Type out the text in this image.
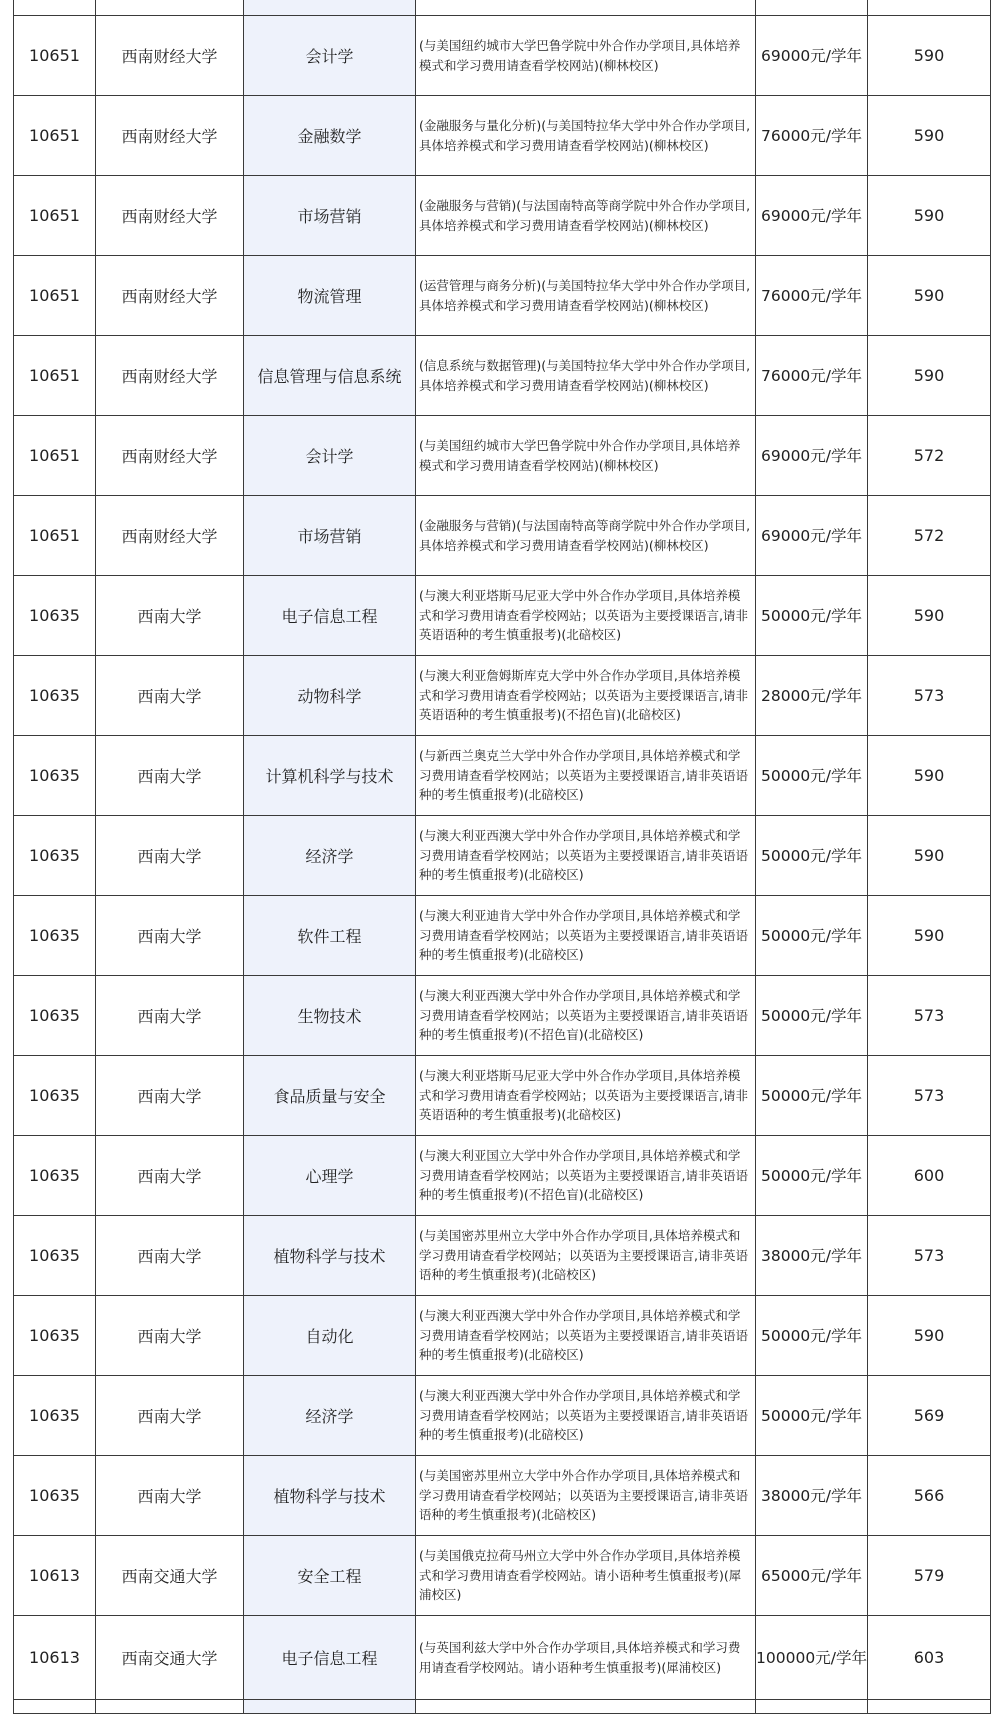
10651	西南财经大学	会计学	(与美国纽约城市大学巴鲁学院中外合作办学项目,具体培养模式和学习费用请查看学校网站)(柳林校区)	69000元/学年	590
10651	西南财经大学	金融数学	(金融服务与量化分析)(与美国特拉华大学中外合作办学项目,具体培养模式和学习费用请查看学校网站)(柳林校区)	76000元/学年	590
10651	西南财经大学	市场营销	(金融服务与营销)(与法国南特高等商学院中外合作办学项目,具体培养模式和学习费用请查看学校网站)(柳林校区)	69000元/学年	590
10651	西南财经大学	物流管理	(运营管理与商务分析)(与美国特拉华大学中外合作办学项目,具体培养模式和学习费用请查看学校网站)(柳林校区)	76000元/学年	590
10651	西南财经大学	信息管理与信息系统	(信息系统与数据管理)(与美国特拉华大学中外合作办学项目,具体培养模式和学习费用请查看学校网站)(柳林校区)	76000元/学年	590
10651	西南财经大学	会计学	(与美国纽约城市大学巴鲁学院中外合作办学项目,具体培养模式和学习费用请查看学校网站)(柳林校区)	69000元/学年	572
10651	西南财经大学	市场营销	(金融服务与营销)(与法国南特高等商学院中外合作办学项目,具体培养模式和学习费用请查看学校网站)(柳林校区)	69000元/学年	572
10635	西南大学	电子信息工程	(与澳大利亚塔斯马尼亚大学中外合作办学项目,具体培养模式和学习费用请查看学校网站；以英语为主要授课语言,请非英语语种的考生慎重报考)(北碚校区)	50000元/学年	590
10635	西南大学	动物科学	(与澳大利亚詹姆斯库克大学中外合作办学项目,具体培养模式和学习费用请查看学校网站；以英语为主要授课语言,请非英语语种的考生慎重报考)(不招色盲)(北碚校区)	28000元/学年	573
10635	西南大学	计算机科学与技术	(与新西兰奥克兰大学中外合作办学项目,具体培养模式和学习费用请查看学校网站；以英语为主要授课语言,请非英语语种的考生慎重报考)(北碚校区)	50000元/学年	590
10635	西南大学	经济学	(与澳大利亚西澳大学中外合作办学项目,具体培养模式和学习费用请查看学校网站；以英语为主要授课语言,请非英语语种的考生慎重报考)(北碚校区)	50000元/学年	590
10635	西南大学	软件工程	(与澳大利亚迪肯大学中外合作办学项目,具体培养模式和学习费用请查看学校网站；以英语为主要授课语言,请非英语语种的考生慎重报考)(北碚校区)	50000元/学年	590
10635	西南大学	生物技术	(与澳大利亚西澳大学中外合作办学项目,具体培养模式和学习费用请查看学校网站；以英语为主要授课语言,请非英语语种的考生慎重报考)(不招色盲)(北碚校区)	50000元/学年	573
10635	西南大学	食品质量与安全	(与澳大利亚塔斯马尼亚大学中外合作办学项目,具体培养模式和学习费用请查看学校网站；以英语为主要授课语言,请非英语语种的考生慎重报考)(北碚校区)	50000元/学年	573
10635	西南大学	心理学	(与澳大利亚国立大学中外合作办学项目,具体培养模式和学习费用请查看学校网站；以英语为主要授课语言,请非英语语种的考生慎重报考)(不招色盲)(北碚校区)	50000元/学年	600
10635	西南大学	植物科学与技术	(与美国密苏里州立大学中外合作办学项目,具体培养模式和学习费用请查看学校网站；以英语为主要授课语言,请非英语语种的考生慎重报考)(北碚校区)	38000元/学年	573
10635	西南大学	自动化	(与澳大利亚西澳大学中外合作办学项目,具体培养模式和学习费用请查看学校网站；以英语为主要授课语言,请非英语语种的考生慎重报考)(北碚校区)	50000元/学年	590
10635	西南大学	经济学	(与澳大利亚西澳大学中外合作办学项目,具体培养模式和学习费用请查看学校网站；以英语为主要授课语言,请非英语语种的考生慎重报考)(北碚校区)	50000元/学年	569
10635	西南大学	植物科学与技术	(与美国密苏里州立大学中外合作办学项目,具体培养模式和学习费用请查看学校网站；以英语为主要授课语言,请非英语语种的考生慎重报考)(北碚校区)	38000元/学年	566
10613	西南交通大学	安全工程	(与美国俄克拉荷马州立大学中外合作办学项目,具体培养模式和学习费用请查看学校网站。请小语种考生慎重报考)(犀浦校区)	65000元/学年	579
10613	西南交通大学	电子信息工程	(与英国利兹大学中外合作办学项目,具体培养模式和学习费用请查看学校网站。请小语种考生慎重报考)(犀浦校区)	100000元/学年	603
